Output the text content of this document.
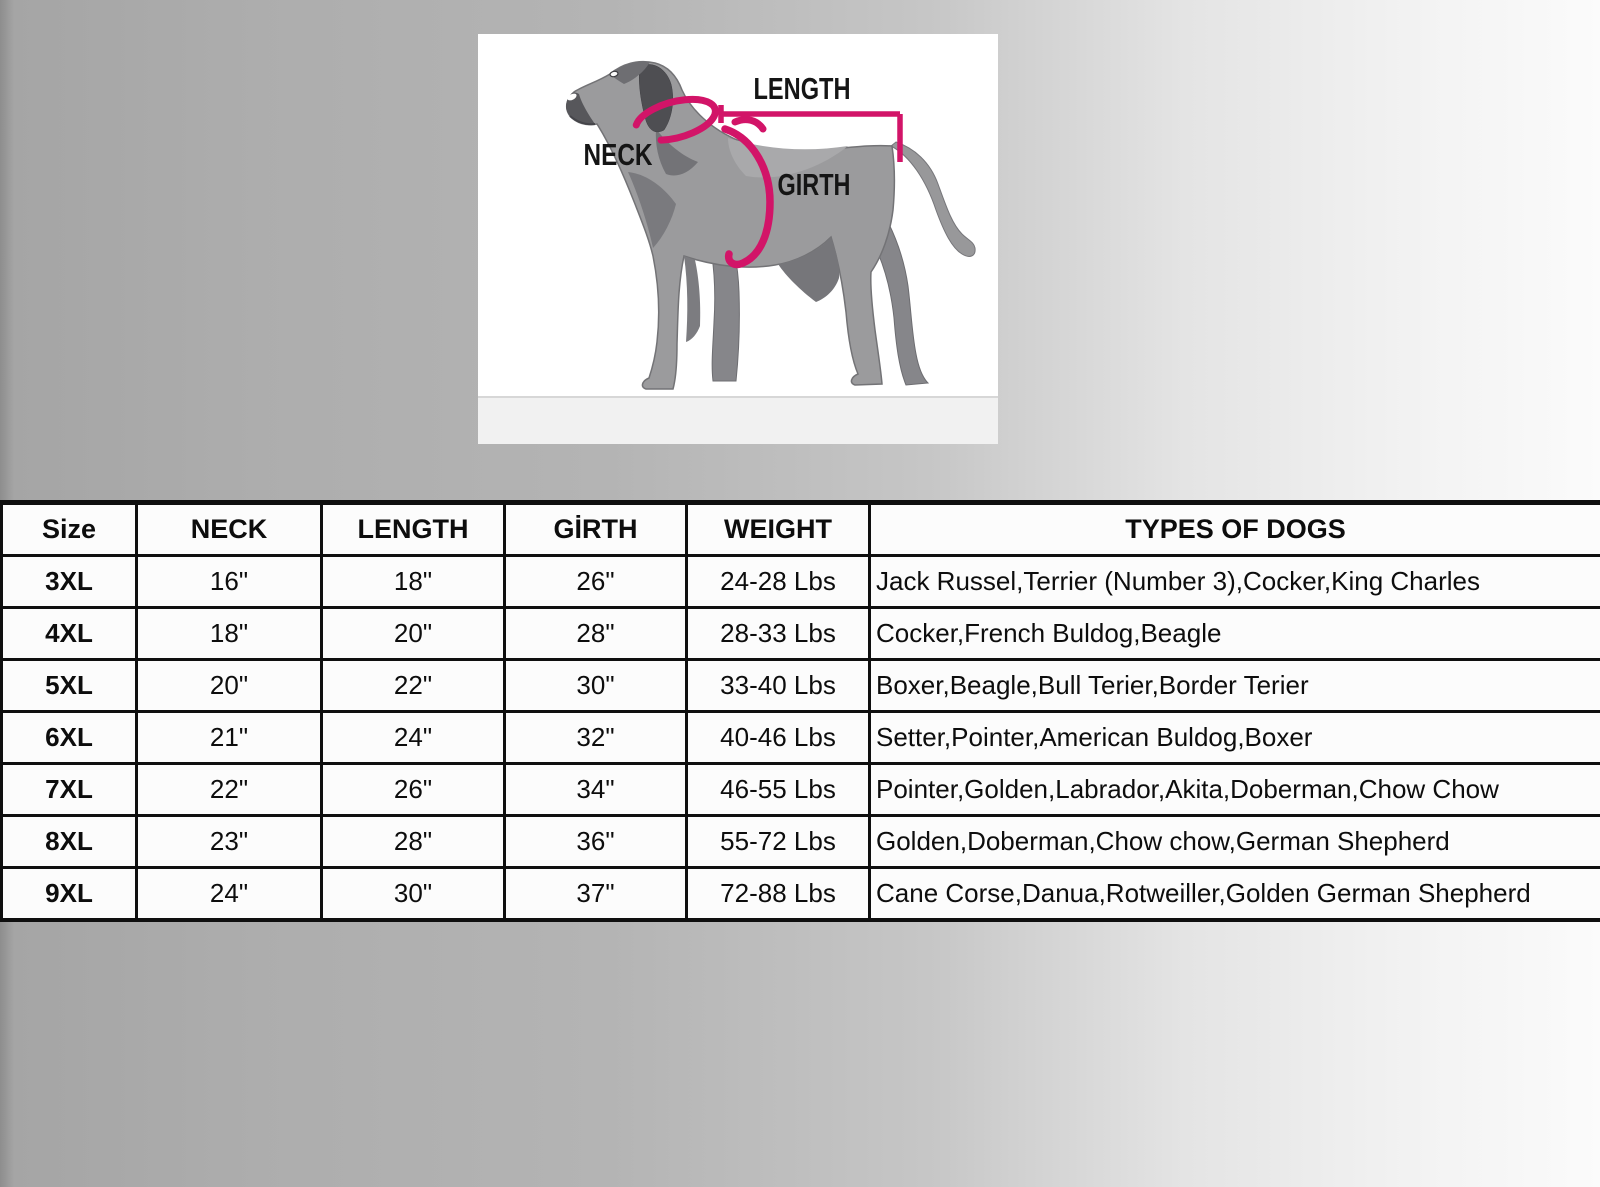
LENGTH
NECK
GIRTH
Size	NECK	LENGTH	GİRTH	WEIGHT	TYPES OF DOGS
3XL	16"	18"	26"	24-28 Lbs	Jack Russel,Terrier (Number 3),Cocker,King Charles
4XL	18"	20"	28"	28-33 Lbs	Cocker,French Buldog,Beagle
5XL	20"	22"	30"	33-40 Lbs	Boxer,Beagle,Bull Terier,Border Terier
6XL	21"	24"	32"	40-46 Lbs	Setter,Pointer,American Buldog,Boxer
7XL	22"	26"	34"	46-55 Lbs	Pointer,Golden,Labrador,Akita,Doberman,Chow Chow
8XL	23"	28"	36"	55-72 Lbs	Golden,Doberman,Chow chow,German Shepherd
9XL	24"	30"	37"	72-88 Lbs	Cane Corse,Danua,Rotweiller,Golden German Shepherd
